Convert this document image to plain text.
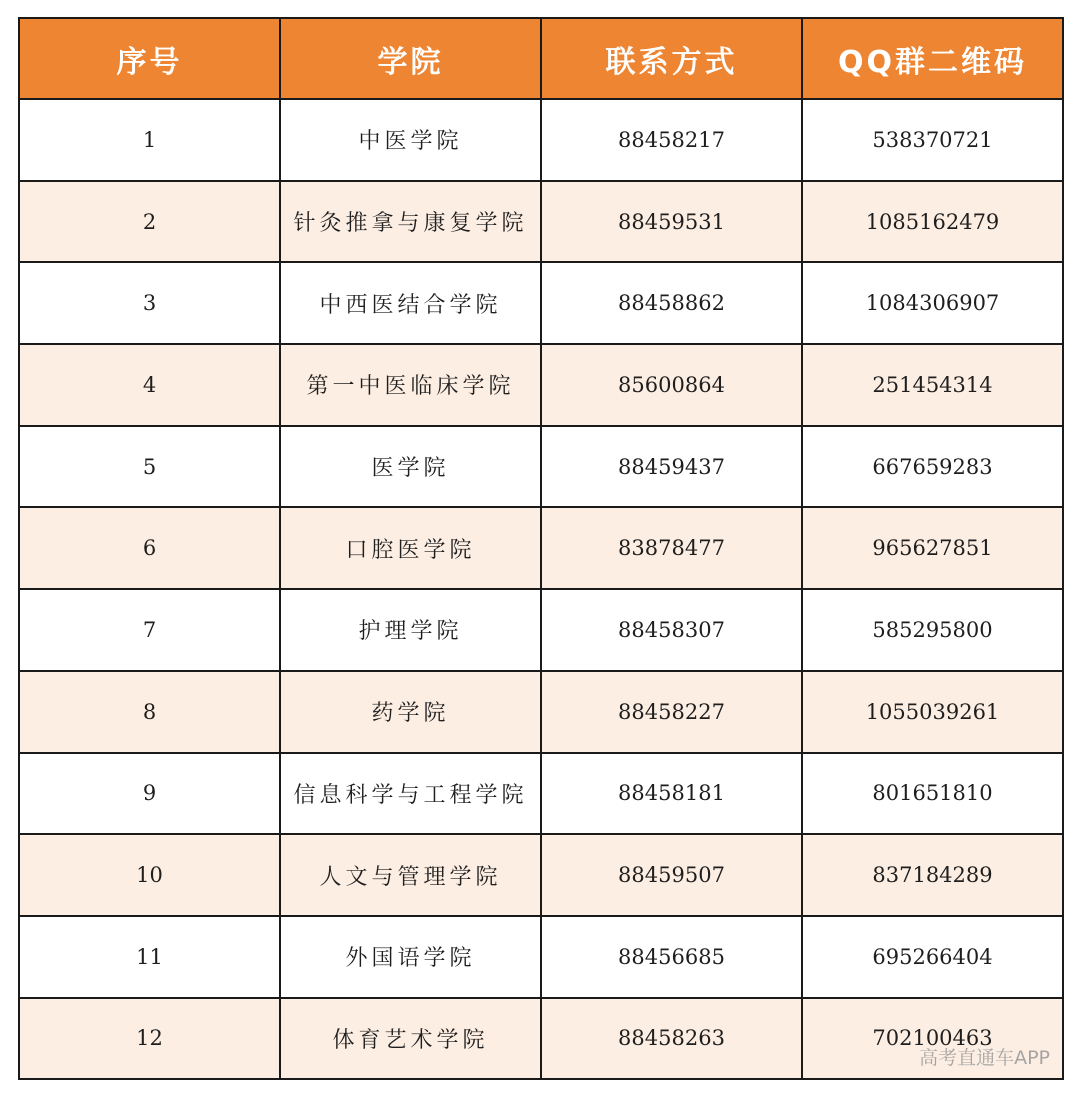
序号	学院	联系方式	QQ群二维码
1	中医学院	88458217	538370721
2	针灸推拿与康复学院	88459531	1085162479
3	中西医结合学院	88458862	1084306907
4	第一中医临床学院	85600864	251454314
5	医学院	88459437	667659283
6	口腔医学院	83878477	965627851
7	护理学院	88458307	585295800
8	药学院	88458227	1055039261
9	信息科学与工程学院	88458181	801651810
10	人文与管理学院	88459507	837184289
11	外国语学院	88456685	695266404
12	体育艺术学院	88458263	702100463
高考直通车APP
